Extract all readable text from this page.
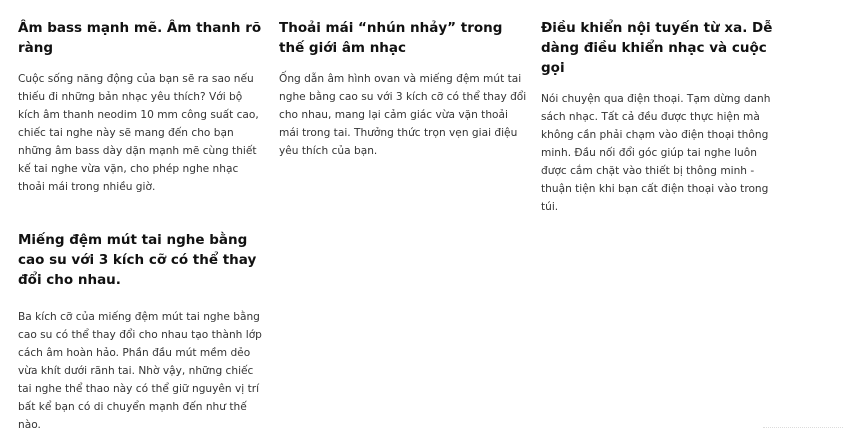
Âm bass mạnh mẽ. Âm thanh rõ ràng

Cuộc sống năng động của bạn sẽ ra sao nếu thiếu đi những bản nhạc yêu thích? Với bộ kích âm thanh neodim 10 mm công suất cao, chiếc tai nghe này sẽ mang đến cho bạn những âm bass dày dặn mạnh mẽ cùng thiết kế tai nghe vừa vặn, cho phép nghe nhạc thoải mái trong nhiều giờ.

Thoải mái “nhún nhảy” trong thế giới âm nhạc

Ống dẫn âm hình ovan và miếng đệm mút tai nghe bằng cao su với 3 kích cỡ có thể thay đổi cho nhau, mang lại cảm giác vừa vặn thoải mái trong tai. Thưởng thức trọn vẹn giai điệu yêu thích của bạn.

Điều khiển nội tuyến từ xa. Dễ dàng điều khiển nhạc và cuộc gọi

Nói chuyện qua điện thoại. Tạm dừng danh sách nhạc. Tất cả đều được thực hiện mà không cần phải chạm vào điện thoại thông minh. Đầu nối đổi góc giúp tai nghe luôn được cắm chặt vào thiết bị thông minh - thuận tiện khi bạn cất điện thoại vào trong túi.

Miếng đệm mút tai nghe bằng cao su với 3 kích cỡ có thể thay đổi cho nhau.

Ba kích cỡ của miếng đệm mút tai nghe bằng cao su có thể thay đổi cho nhau tạo thành lớp cách âm hoàn hảo. Phần đầu mút mềm dẻo vừa khít dưới rãnh tai. Nhờ vậy, những chiếc tai nghe thể thao này có thể giữ nguyên vị trí bất kể bạn có di chuyển mạnh đến như thế nào.
